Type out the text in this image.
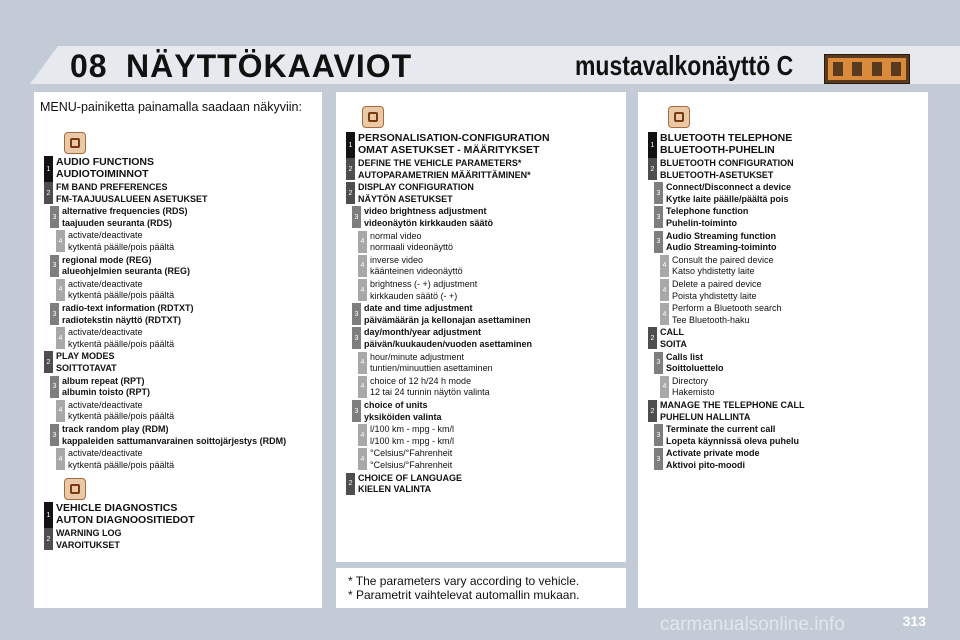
08 NÄYTTÖKAAVIOT	mustavalkonäyttö C
MENU-painiketta painamalla saadaan näkyviin:
1
AUDIO FUNCTIONS
AUDIOTOIMINNOT
2
FM BAND PREFERENCES
FM-TAAJUUSALUEEN ASETUKSET
3
alternative frequencies (RDS)
taajuuden seuranta (RDS)
4
activate/deactivate
kytkentä päälle/pois päältä
3
regional mode (REG)
alueohjelmien seuranta (REG)
4
activate/deactivate
kytkentä päälle/pois päältä
3
radio-text information (RDTXT)
radiotekstin näyttö (RDTXT)
4
activate/deactivate
kytkentä päälle/pois päältä
2
PLAY MODES
SOITTOTAVAT
3
album repeat (RPT)
albumin toisto (RPT)
4
activate/deactivate
kytkentä päälle/pois päältä
3
track random play (RDM)
kappaleiden sattumanvarainen soittojärjestys (RDM)
4
activate/deactivate
kytkentä päälle/pois päältä
1
VEHICLE DIAGNOSTICS
AUTON DIAGNOOSITIEDOT
2
WARNING LOG
VAROITUKSET
1
PERSONALISATION-CONFIGURATION
OMAT ASETUKSET - MÄÄRITYKSET
2
DEFINE THE VEHICLE PARAMETERS*
AUTOPARAMETRIEN MÄÄRITTÄMINEN*
2
DISPLAY CONFIGURATION
NÄYTÖN ASETUKSET
3
video brightness adjustment
videonäytön kirkkauden säätö
4
normal video
normaali videonäyttö
4
inverse video
käänteinen videonäyttö
4
brightness (- +) adjustment
kirkkauden säätö (- +)
3
date and time adjustment
päivämäärän ja kellonajan asettaminen
3
day/month/year adjustment
päivän/kuukauden/vuoden asettaminen
4
hour/minute adjustment
tuntien/minuuttien asettaminen
4
choice of 12 h/24 h mode
12 tai 24 tunnin näytön valinta
3
choice of units
yksiköiden valinta
4
l/100 km - mpg - km/l
l/100 km - mpg - km/l
4
°Celsius/°Fahrenheit
°Celsius/°Fahrenheit
2
CHOICE OF LANGUAGE
KIELEN VALINTA
* The parameters vary according to vehicle.
* Parametrit vaihtelevat automallin mukaan.
1
BLUETOOTH TELEPHONE
BLUETOOTH-PUHELIN
2
BLUETOOTH CONFIGURATION
BLUETOOTH-ASETUKSET
3
Connect/Disconnect a device
Kytke laite päälle/päältä pois
3
Telephone function
Puhelin-toiminto
3
Audio Streaming function
Audio Streaming-toiminto
4
Consult the paired device
Katso yhdistetty laite
4
Delete a paired device
Poista yhdistetty laite
4
Perform a Bluetooth search
Tee Bluetooth-haku
2
CALL
SOITA
3
Calls list
Soittoluettelo
4
Directory
Hakemisto
2
MANAGE THE TELEPHONE CALL
PUHELUN HALLINTA
3
Terminate the current call
Lopeta käynnissä oleva puhelu
3
Activate private mode
Aktivoi pito-moodi
carmanualsonline.info	313
